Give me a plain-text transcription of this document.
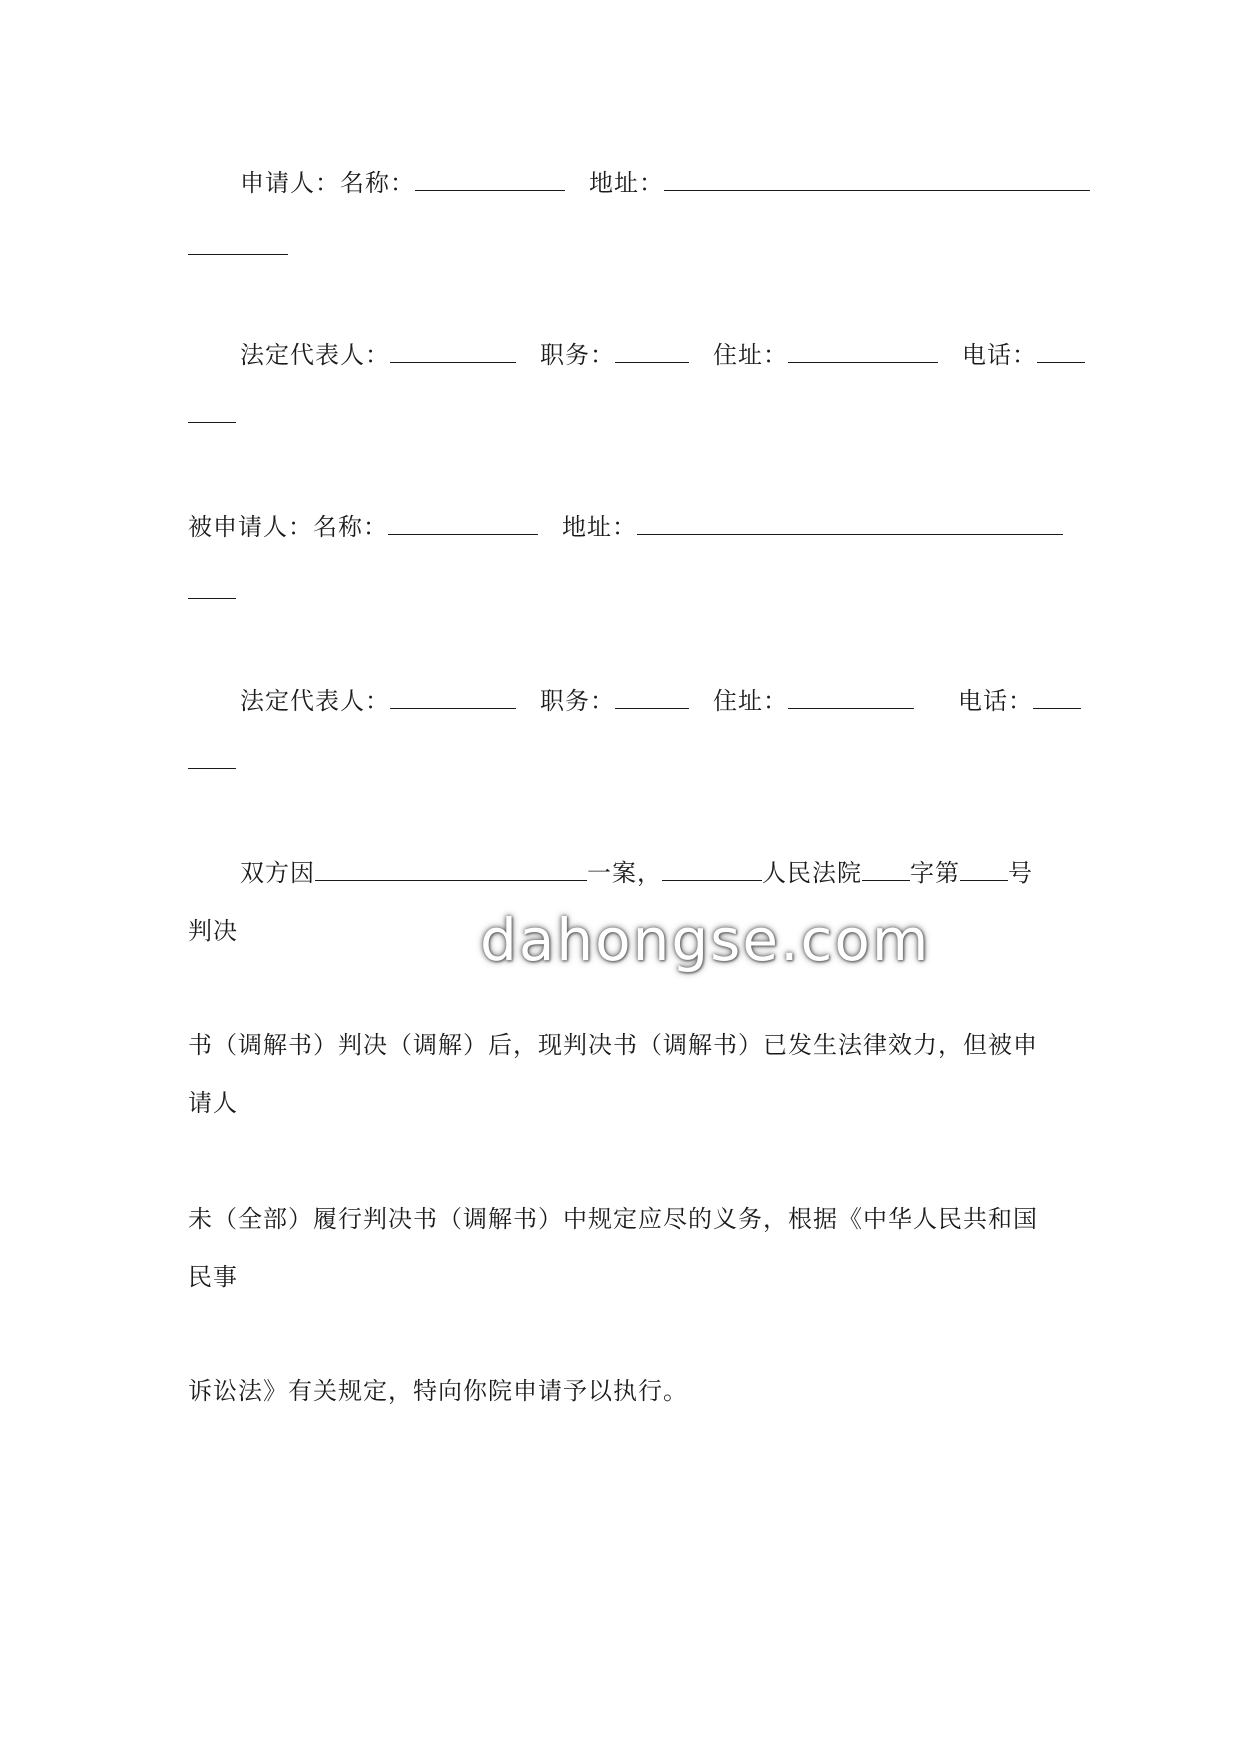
申请人：名称：	地址：
法定代表人：	职务：	住址：	电话：
被申请人：名称：	地址：
法定代表人：	职务：	住址：	电话：
双方因	一案，	人民法院 字第 号
判决
书（调解书）判决（调解）后，现判决书（调解书）已发生法律效力，但被申
请人
未（全部）履行判决书（调解书）中规定应尽的义务，根据《中华人民共和国
民事
诉讼法》有关规定，特向你院申请予以执行。
dahongse.com
